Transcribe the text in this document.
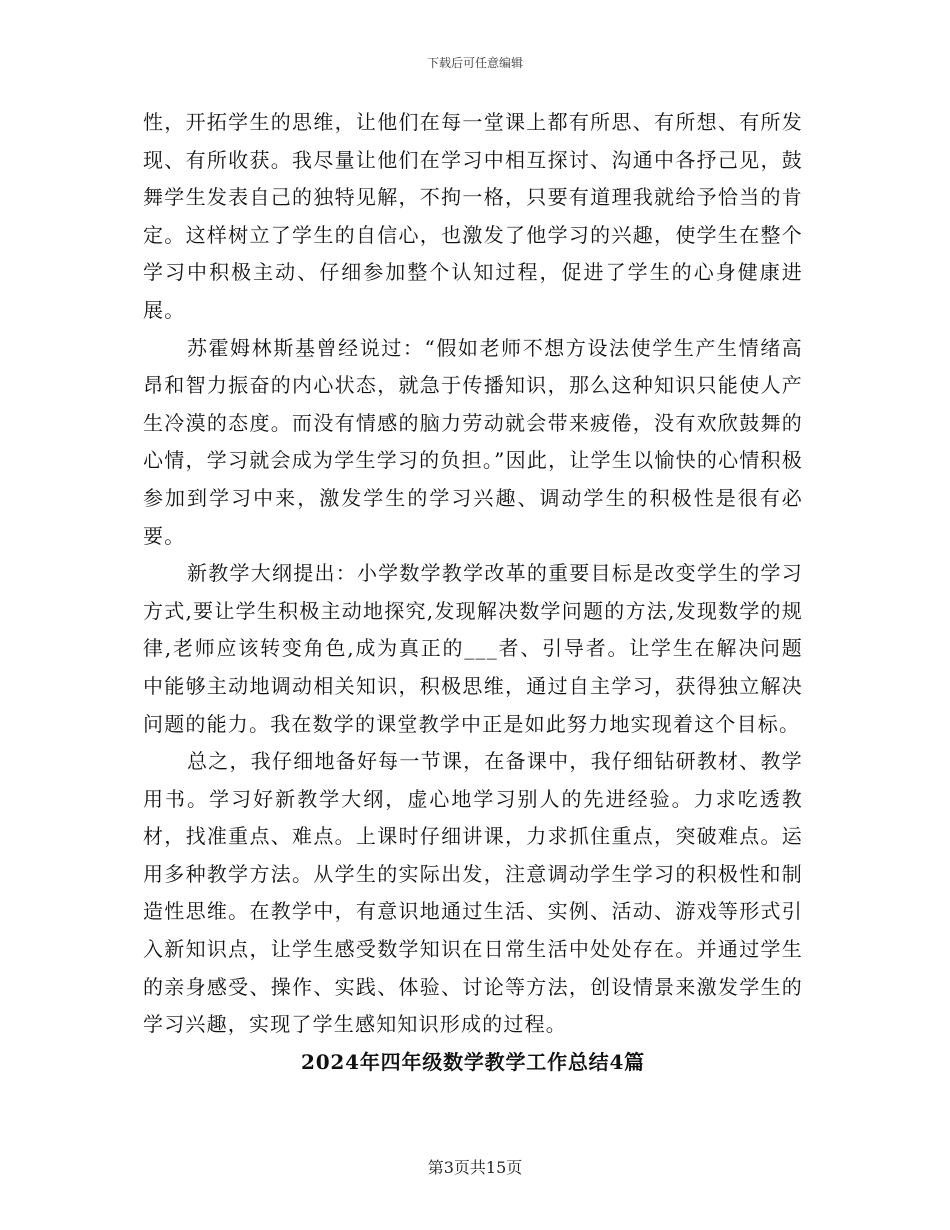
下载后可任意编辑

性，开拓学生的思维，让他们在每一堂课上都有所思、有所想、有所发现、有所收获。我尽量让他们在学习中相互探讨、沟通中各抒己见，鼓舞学生发表自己的独特见解，不拘一格，只要有道理我就给予恰当的肯定。这样树立了学生的自信心，也激发了他学习的兴趣，使学生在整个学习中积极主动、仔细参加整个认知过程，促进了学生的心身健康进展。

苏霍姆林斯基曾经说过：“假如老师不想方设法使学生产生情绪高昂和智力振奋的内心状态，就急于传播知识，那么这种知识只能使人产生冷漠的态度。而没有情感的脑力劳动就会带来疲倦，没有欢欣鼓舞的心情，学习就会成为学生学习的负担。”因此，让学生以愉快的心情积极参加到学习中来，激发学生的学习兴趣、调动学生的积极性是很有必要。

新教学大纲提出：小学数学教学改革的重要目标是改变学生的学习方式,要让学生积极主动地探究,发现解决数学问题的方法,发现数学的规律,老师应该转变角色,成为真正的___者、引导者。让学生在解决问题中能够主动地调动相关知识，积极思维，通过自主学习，获得独立解决问题的能力。我在数学的课堂教学中正是如此努力地实现着这个目标。

总之，我仔细地备好每一节课，在备课中，我仔细钻研教材、教学用书。学习好新教学大纲，虚心地学习别人的先进经验。力求吃透教材，找准重点、难点。上课时仔细讲课，力求抓住重点，突破难点。运用多种教学方法。从学生的实际出发，注意调动学生学习的积极性和制造性思维。在教学中，有意识地通过生活、实例、活动、游戏等形式引入新知识点，让学生感受数学知识在日常生活中处处存在。并通过学生的亲身感受、操作、实践、体验、讨论等方法，创设情景来激发学生的学习兴趣，实现了学生感知知识形成的过程。

2024年四年级数学教学工作总结4篇

第3页共15页
